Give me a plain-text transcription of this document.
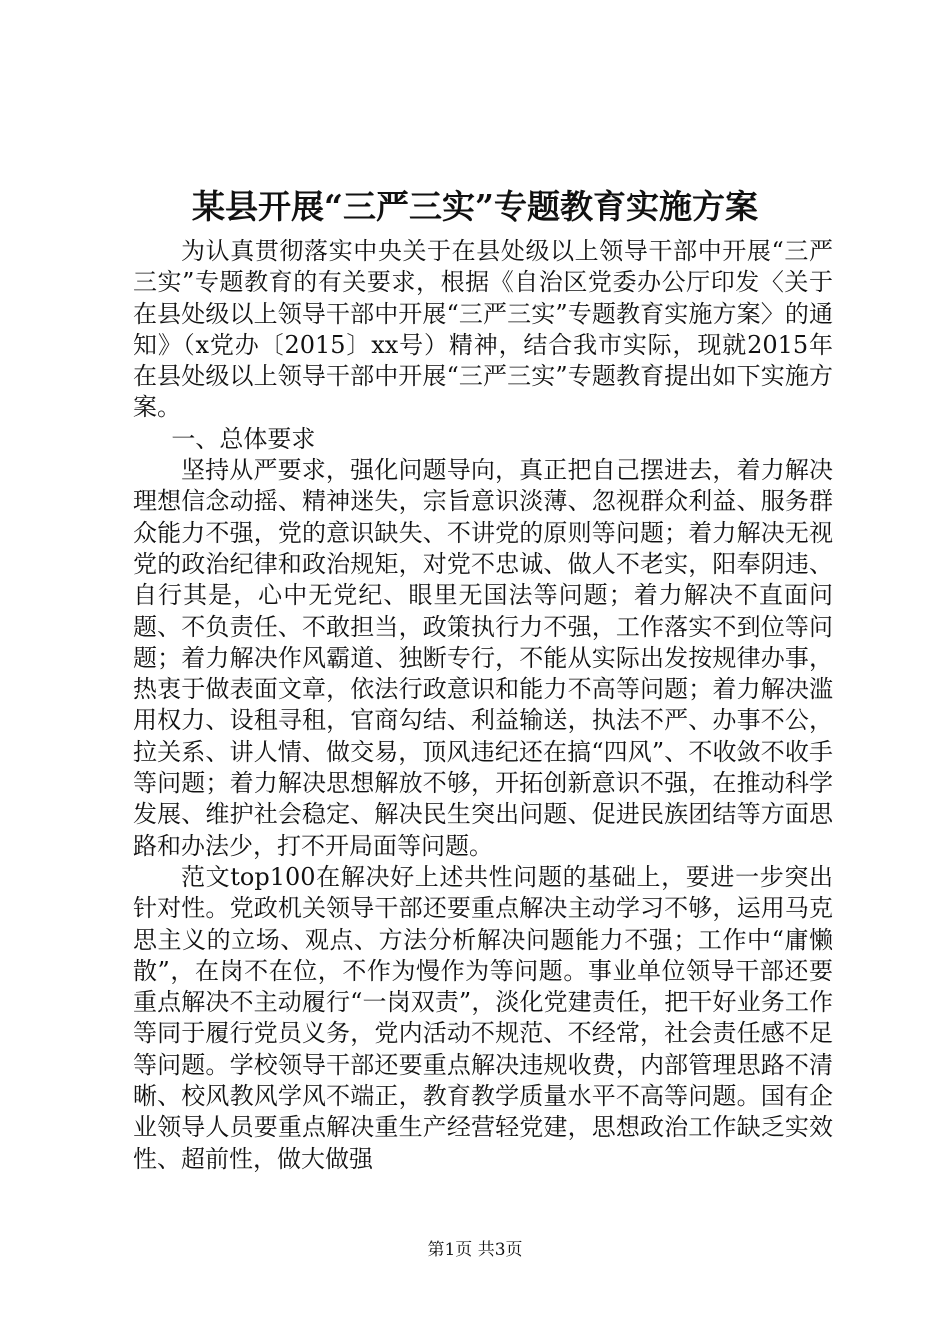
某县开展“三严三实”专题教育实施方案

为认真贯彻落实中央关于在县处级以上领导干部中开展“三严三实”专题教育的有关要求，根据《自治区党委办公厅印发〈关于在县处级以上领导干部中开展“三严三实”专题教育实施方案〉的通知》（x党办〔2015〕xx号）精神，结合我市实际，现就2015年在县处级以上领导干部中开展“三严三实”专题教育提出如下实施方案。

一、总体要求

坚持从严要求，强化问题导向，真正把自己摆进去，着力解决理想信念动摇、精神迷失，宗旨意识淡薄、忽视群众利益、服务群众能力不强，党的意识缺失、不讲党的原则等问题；着力解决无视党的政治纪律和政治规矩，对党不忠诚、做人不老实，阳奉阴违、自行其是，心中无党纪、眼里无国法等问题；着力解决不直面问题、不负责任、不敢担当，政策执行力不强，工作落实不到位等问题；着力解决作风霸道、独断专行，不能从实际出发按规律办事，热衷于做表面文章，依法行政意识和能力不高等问题；着力解决滥用权力、设租寻租，官商勾结、利益输送，执法不严、办事不公，拉关系、讲人情、做交易，顶风违纪还在搞“四风”、不收敛不收手等问题；着力解决思想解放不够，开拓创新意识不强，在推动科学发展、维护社会稳定、解决民生突出问题、促进民族团结等方面思路和办法少，打不开局面等问题。

范文top100在解决好上述共性问题的基础上，要进一步突出针对性。党政机关领导干部还要重点解决主动学习不够，运用马克思主义的立场、观点、方法分析解决问题能力不强；工作中“庸懒散”，在岗不在位，不作为慢作为等问题。事业单位领导干部还要重点解决不主动履行“一岗双责”，淡化党建责任，把干好业务工作等同于履行党员义务，党内活动不规范、不经常，社会责任感不足等问题。学校领导干部还要重点解决违规收费，内部管理思路不清晰、校风教风学风不端正，教育教学质量水平不高等问题。国有企业领导人员要重点解决重生产经营轻党建，思想政治工作缺乏实效性、超前性，做大做强

第1页 共3页
